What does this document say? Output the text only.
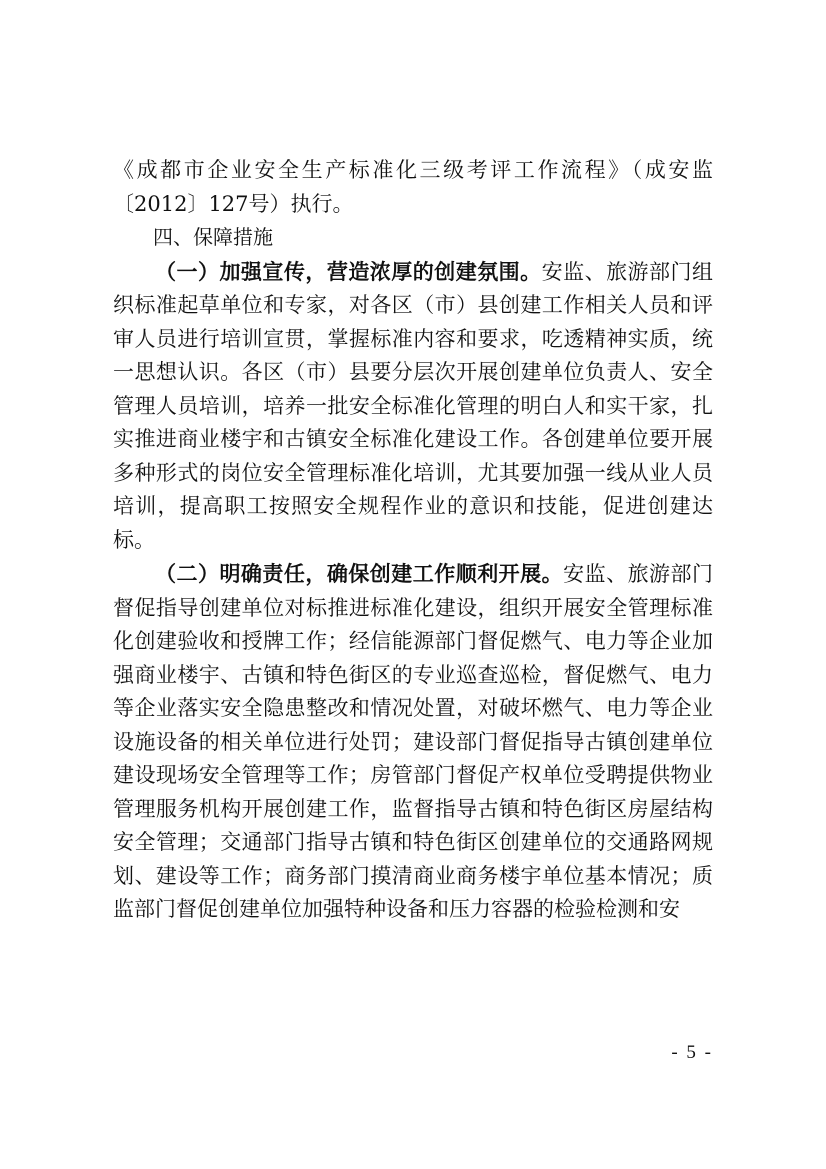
《成都市企业安全生产标准化三级考评工作流程》（成安监〔2012〕127号）执行。

四、保障措施

（一）加强宣传，营造浓厚的创建氛围。安监、旅游部门组织标准起草单位和专家，对各区（市）县创建工作相关人员和评审人员进行培训宣贯，掌握标准内容和要求，吃透精神实质，统一思想认识。各区（市）县要分层次开展创建单位负责人、安全管理人员培训，培养一批安全标准化管理的明白人和实干家，扎实推进商业楼宇和古镇安全标准化建设工作。各创建单位要开展多种形式的岗位安全管理标准化培训，尤其要加强一线从业人员培训，提高职工按照安全规程作业的意识和技能，促进创建达标。

（二）明确责任，确保创建工作顺利开展。安监、旅游部门督促指导创建单位对标推进标准化建设，组织开展安全管理标准化创建验收和授牌工作；经信能源部门督促燃气、电力等企业加强商业楼宇、古镇和特色街区的专业巡查巡检，督促燃气、电力等企业落实安全隐患整改和情况处置，对破坏燃气、电力等企业设施设备的相关单位进行处罚；建设部门督促指导古镇创建单位建设现场安全管理等工作；房管部门督促产权单位受聘提供物业管理服务机构开展创建工作，监督指导古镇和特色街区房屋结构安全管理；交通部门指导古镇和特色街区创建单位的交通路网规划、建设等工作；商务部门摸清商业商务楼宇单位基本情况；质监部门督促创建单位加强特种设备和压力容器的检验检测和安

- 5 -
